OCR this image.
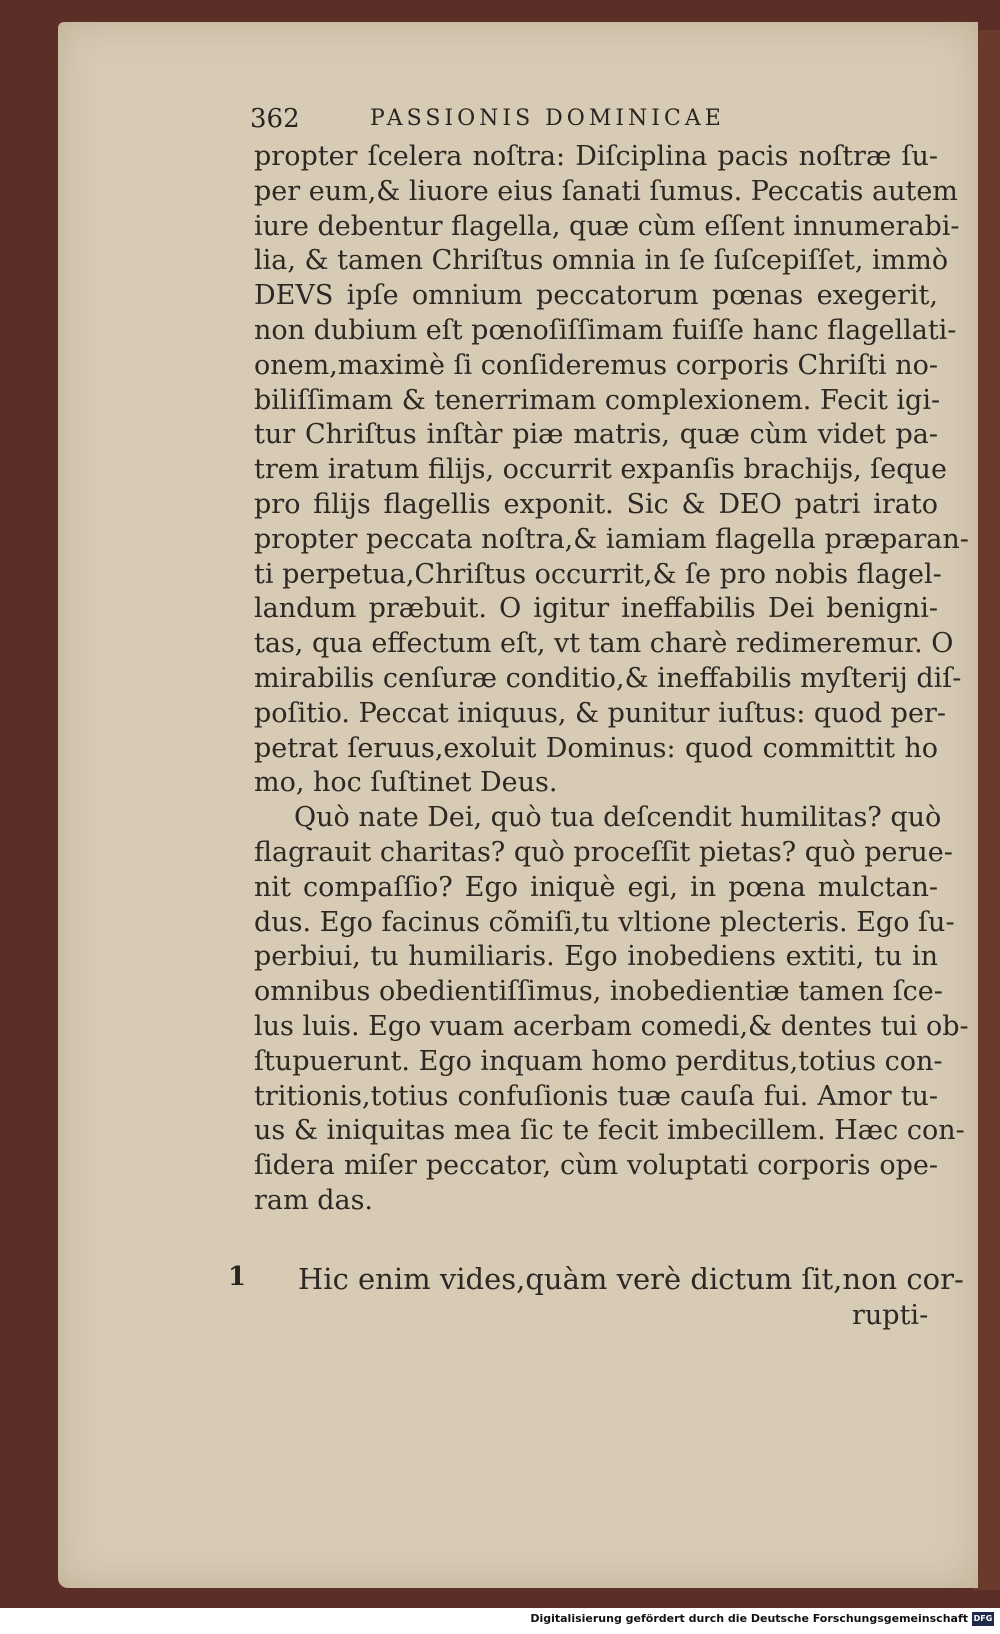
362	PASSIONIS DOMINICAE
propter ſcelera noſtra: Diſciplina pacis noſtræ ſu-
per eum,& liuore eius ſanati ſumus. Peccatis autem
iure debentur flagella, quæ cùm eſſent innumerabi-
lia, & tamen Chriſtus omnia in ſe ſuſcepiſſet, immò
DEVS ipſe omnium peccatorum pœnas exegerit,
non dubium eſt pœnoſiſſimam fuiſſe hanc flagellati-
onem,maximè ſi conſideremus corporis Chriſti no-
biliſſimam & tenerrimam complexionem. Fecit igi-
tur Chriſtus inſtàr piæ matris, quæ cùm videt pa-
trem iratum filijs, occurrit expanſis brachijs, ſeque
pro filijs flagellis exponit. Sic & DEO patri irato
propter peccata noſtra,& iamiam flagella præparan-
ti perpetua,Chriſtus occurrit,& ſe pro nobis flagel-
landum præbuit. O igitur ineffabilis Dei benigni-
tas, qua effectum eſt, vt tam charè redimeremur. O
mirabilis cenſuræ conditio,& ineffabilis myſterij diſ-
poſitio. Peccat iniquus, & punitur iuſtus: quod per-
petrat ſeruus,exoluit Dominus: quod committit ho
mo, hoc ſuſtinet Deus.
Quò nate Dei, quò tua deſcendit humilitas? quò
flagrauit charitas? quò proceſſit pietas? quò perue-
nit compaſſio? Ego iniquè egi, in pœna mulctan-
dus. Ego facinus cõmiſi,tu vltione plecteris. Ego ſu-
perbiui, tu humiliaris. Ego inobediens extiti, tu in
omnibus obedientiſſimus, inobedientiæ tamen ſce-
lus luis. Ego vuam acerbam comedi,& dentes tui ob-
ſtupuerunt. Ego inquam homo perditus,totius con-
tritionis,totius confuſionis tuæ cauſa fui. Amor tu-
us & iniquitas mea ſic te fecit imbecillem. Hæc con-
ſidera miſer peccator, cùm voluptati corporis ope-
ram das.
1 Hic enim vides,quàm verè dictum ſit,non cor-
rupti-
Digitalisierung gefördert durch die Deutsche Forschungsgemeinschaft DFG
